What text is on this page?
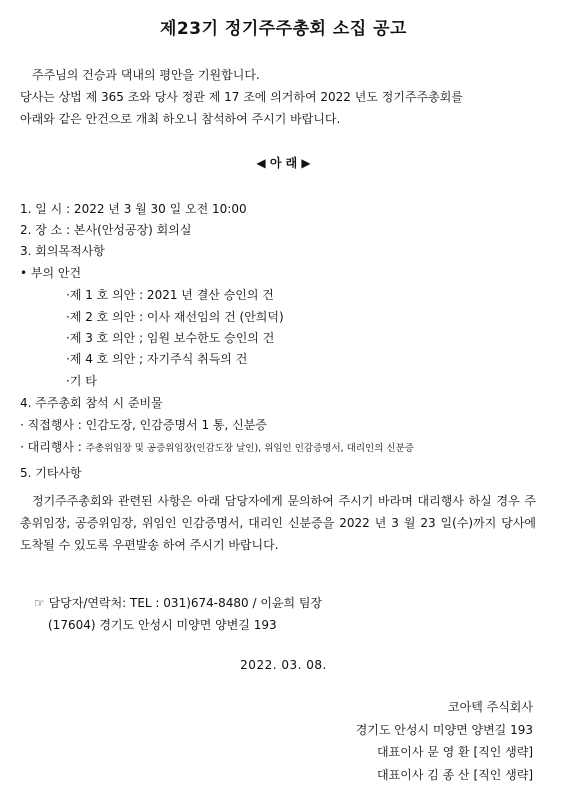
제23기 정기주주총회 소집 공고
주주님의 건승과 댁내의 평안을 기원합니다.
당사는 상법 제 365 조와 당사 정관 제 17 조에 의거하여 2022 년도 정기주주총회를
아래와 같은 안건으로 개최 하오니 참석하여 주시기 바랍니다.
◀ 아 래 ▶
1. 일 시 : 2022 년 3 월 30 일 오전 10:00
2. 장 소 : 본사(안성공장) 회의실
3. 회의목적사항
• 부의 안건
·제 1 호 의안 : 2021 년 결산 승인의 건
·제 2 호 의안 : 이사 재선임의 건 (안희덕)
·제 3 호 의안 ; 임원 보수한도 승인의 건
·제 4 호 의안 ; 자기주식 취득의 건
·기 타
4. 주주총회 참석 시 준비물
· 직접행사 : 인감도장, 인감증명서 1 통, 신분증
· 대리행사 : 주총위임장 및 공증위임장(인감도장 날인), 위임인 인감증명서, 대리인의 신분증
5. 기타사항
정기주주총회와 관련된 사항은 아래 담당자에게 문의하여 주시기 바라며 대리행사 하실 경우 주총위임장, 공증위임장, 위임인 인감증명서, 대리인 신분증을 2022 년 3 월 23 일(수)까지 당사에 도착될 수 있도록 우편발송 하여 주시기 바랍니다.
☞ 담당자/연락처: TEL : 031)674-8480 / 이윤희 팀장
(17604) 경기도 안성시 미양면 양변길 193
2022. 03. 08.
코아텍 주식회사
경기도 안성시 미양면 양변길 193
대표이사 문 영 환 [직인 생략]
대표이사 김 종 산 [직인 생략]
